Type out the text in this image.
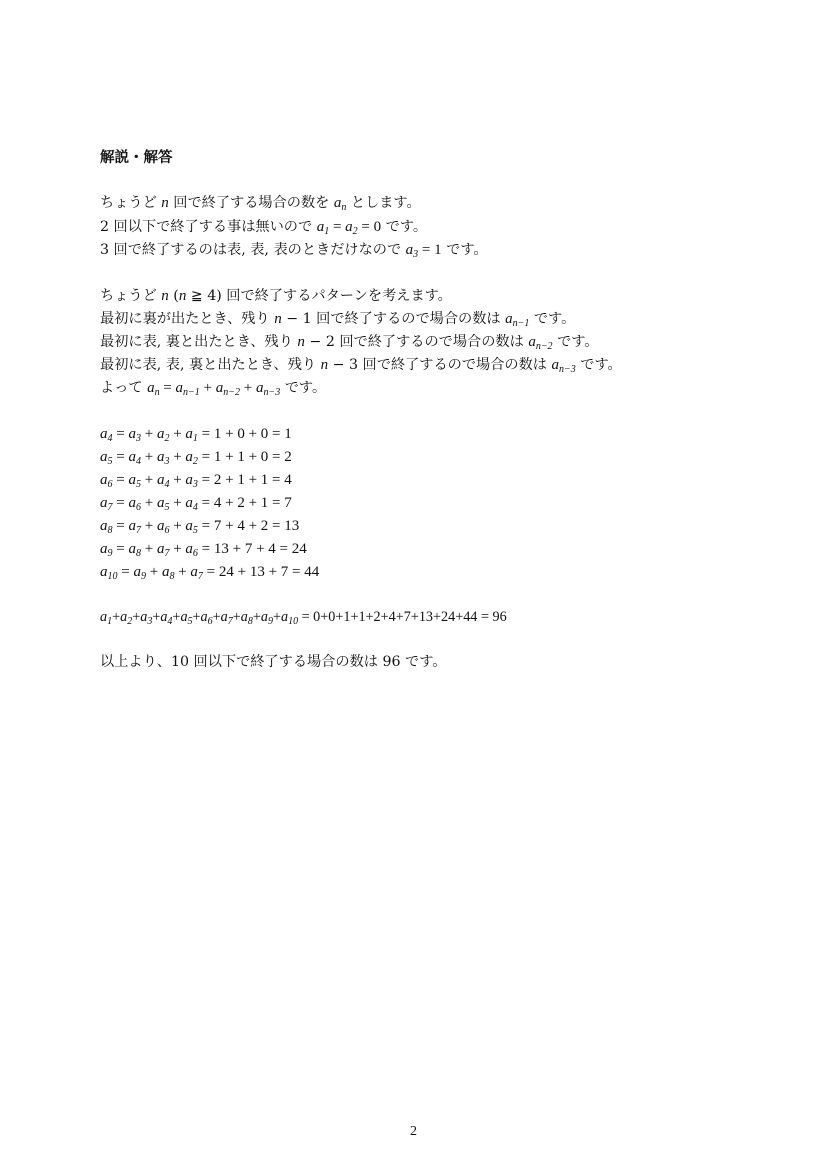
解説・解答
ちょうど n 回で終了する場合の数を $a_n$ とします。
2 回以下で終了する事は無いので $a_1 = a_2 = 0$ です。
3 回で終了するのは表, 表, 表のときだけなので $a_3 = 1$ です。
ちょうど n (n ≧ 4) 回で終了するパターンを考えます。
最初に裏が出たとき、残り n − 1 回で終了するので場合の数は $a_{n-1}$ です。
最初に表, 裏と出たとき、残り n − 2 回で終了するので場合の数は $a_{n-2}$ です。
最初に表, 表, 裏と出たとき、残り n − 3 回で終了するので場合の数は $a_{n-3}$ です。
よって $a_n = a_{n-1} + a_{n-2} + a_{n-3}$ です。
$a_4 = a_3 + a_2 + a_1 = 1 + 0 + 0 = 1$
$a_5 = a_4 + a_3 + a_2 = 1 + 1 + 0 = 2$
$a_6 = a_5 + a_4 + a_3 = 2 + 1 + 1 = 4$
$a_7 = a_6 + a_5 + a_4 = 4 + 2 + 1 = 7$
$a_8 = a_7 + a_6 + a_5 = 7 + 4 + 2 = 13$
$a_9 = a_8 + a_7 + a_6 = 13 + 7 + 4 = 24$
$a_{10} = a_9 + a_8 + a_7 = 24 + 13 + 7 = 44$
$a_1+a_2+a_3+a_4+a_5+a_6+a_7+a_8+a_9+a_{10} = 0+0+1+1+2+4+7+13+24+44 = 96$
以上より、10 回以下で終了する場合の数は 96 です。
2
